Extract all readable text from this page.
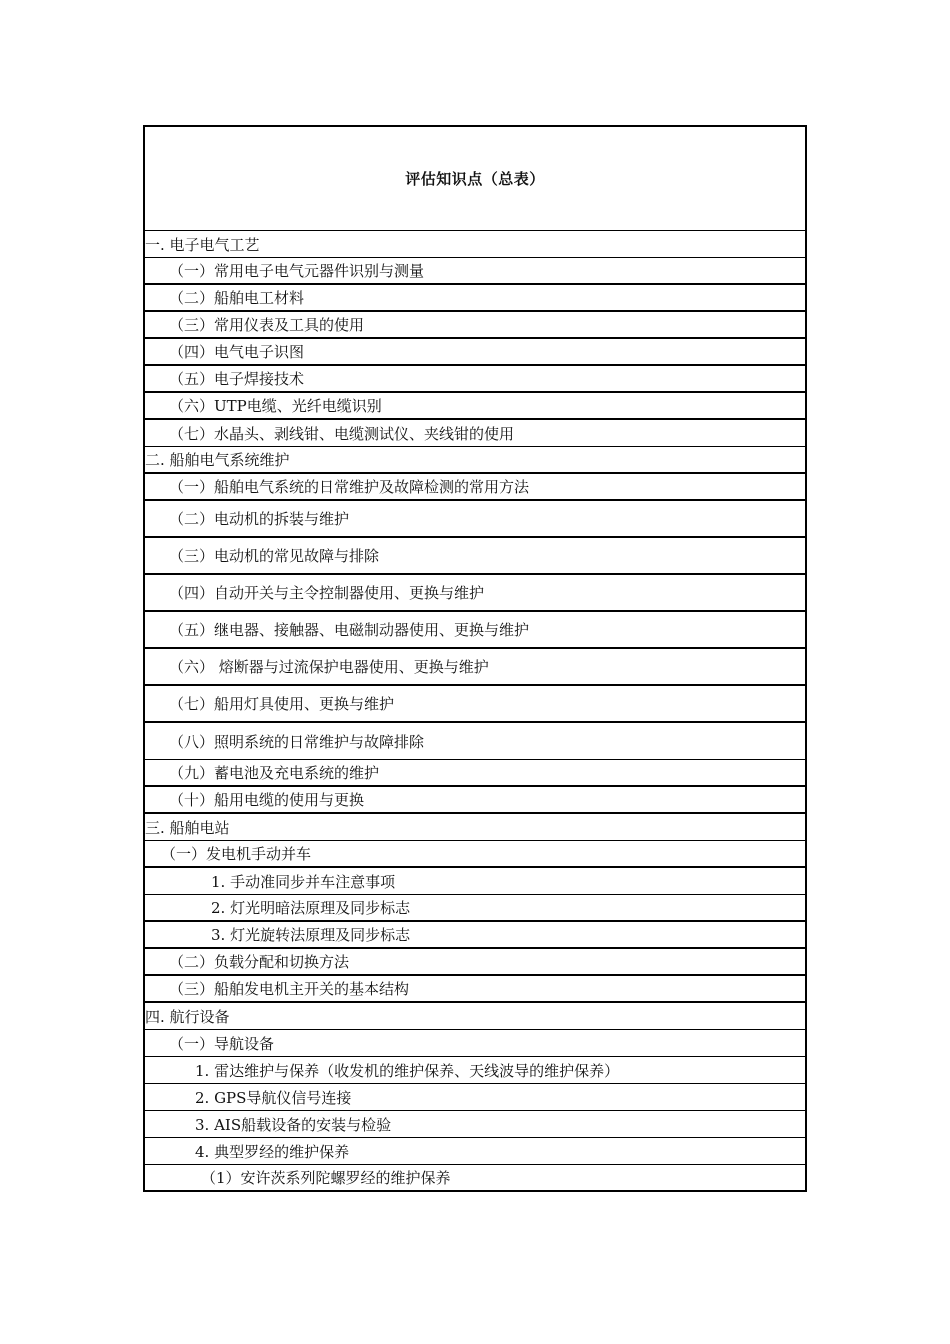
评估知识点（总表）
一. 电子电气工艺
（一）常用电子电气元器件识别与测量
（二）船舶电工材料
（三）常用仪表及工具的使用
（四）电气电子识图
（五）电子焊接技术
（六）UTP电缆、光纤电缆识别
（七）水晶头、剥线钳、电缆测试仪、夹线钳的使用
二. 船舶电气系统维护
（一）船舶电气系统的日常维护及故障检测的常用方法
（二）电动机的拆装与维护
（三）电动机的常见故障与排除
（四）自动开关与主令控制器使用、更换与维护
（五）继电器、接触器、电磁制动器使用、更换与维护
（六） 熔断器与过流保护电器使用、更换与维护
（七）船用灯具使用、更换与维护
（八）照明系统的日常维护与故障排除
（九）蓄电池及充电系统的维护
（十）船用电缆的使用与更换
三. 船舶电站
（一）发电机手动并车
1. 手动准同步并车注意事项
2. 灯光明暗法原理及同步标志
3. 灯光旋转法原理及同步标志
（二）负载分配和切换方法
（三）船舶发电机主开关的基本结构
四. 航行设备
（一）导航设备
1. 雷达维护与保养（收发机的维护保养、天线波导的维护保养）
2. GPS导航仪信号连接
3. AIS船载设备的安装与检验
4. 典型罗经的维护保养
（1）安许茨系列陀螺罗经的维护保养
